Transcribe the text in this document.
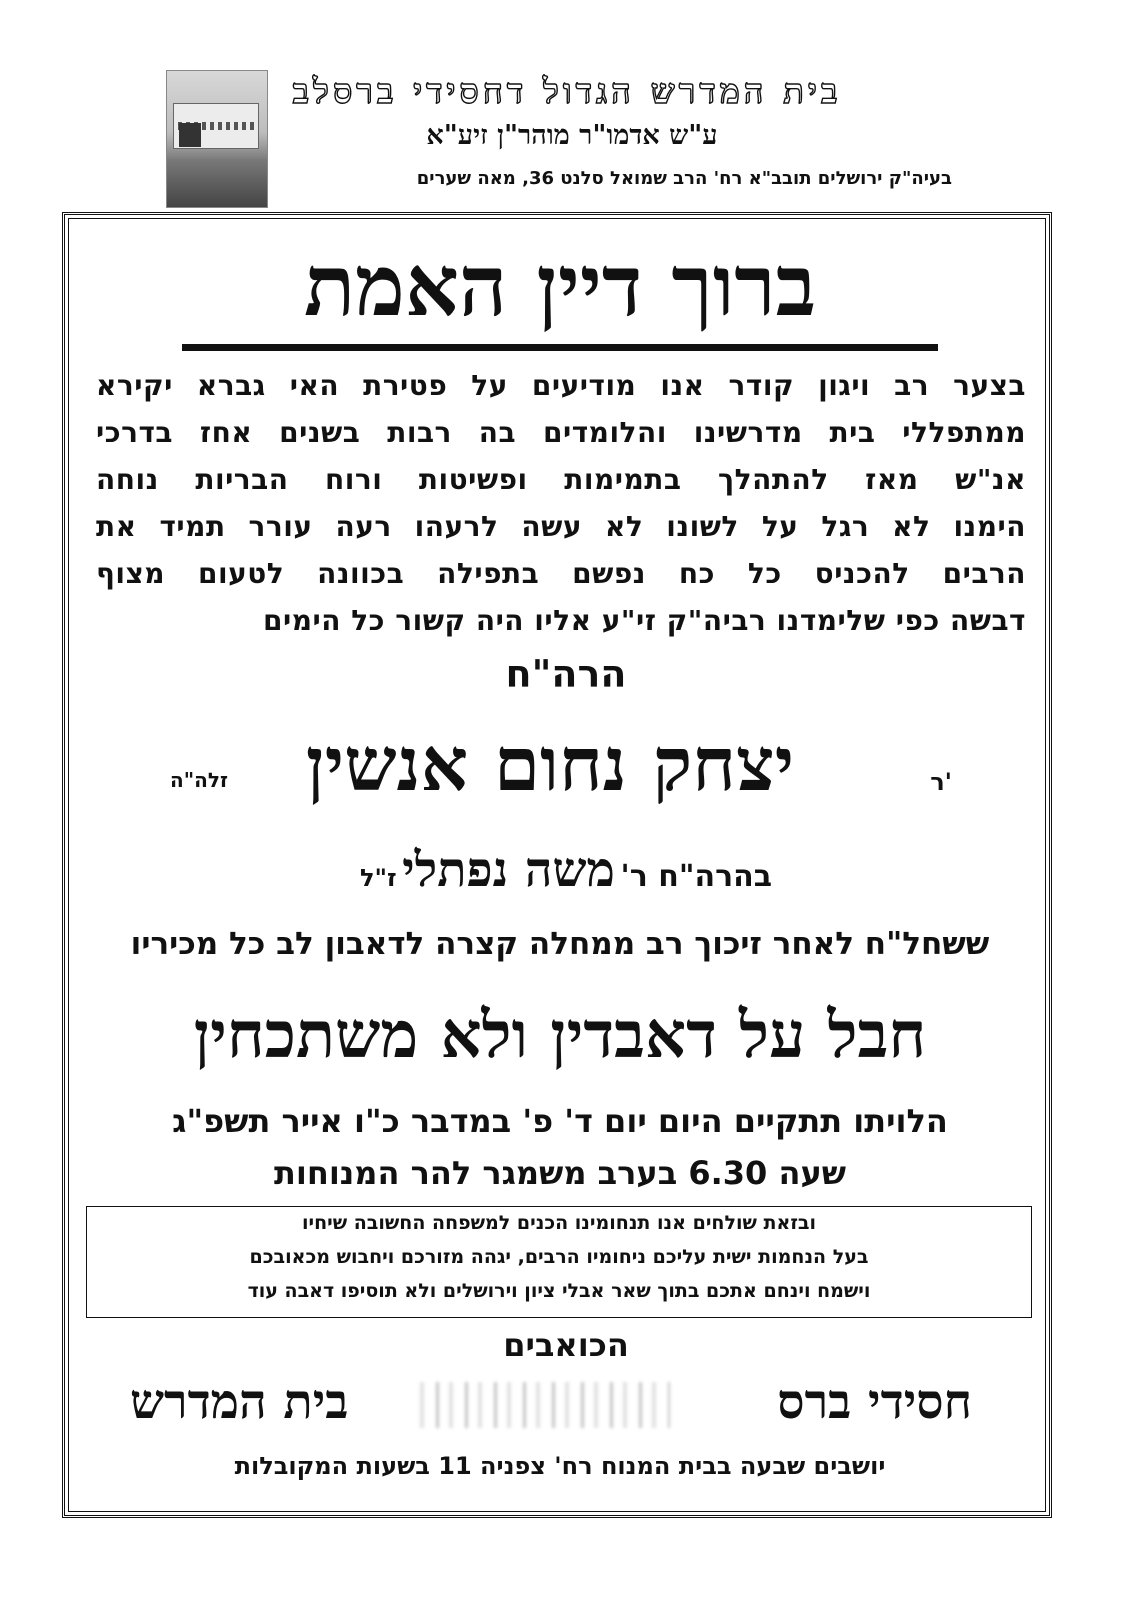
בית המדרש הגדול דחסידי ברסלב
ע"ש אדמו"ר מוהר"ן זיע"א
בעיה"ק ירושלים תובב"א רח' הרב שמואל סלנט 36, מאה שערים
ברוך דיין האמת
בצער רב ויגון קודר אנו מודיעים על פטירת האי גברא יקירא
ממתפללי בית מדרשינו והלומדים בה רבות בשנים אחז בדרכי
אנ"ש מאז להתהלך בתמימות ופשיטות ורוח הבריות נוחה
הימנו לא רגל על לשונו לא עשה לרעהו רעה עורר תמיד את
הרבים להכניס כל כח נפשם בתפילה בכוונה לטעום מצוף
דבשה כפי שלימדנו רביה"ק זי"ע אליו היה קשור כל הימים
הרה"ח
ר'
יצחק נחום אנשין
זלה"ה
בהרה"ח ר' משה נפתלי ז"ל
ששחל"ח לאחר זיכוך רב ממחלה קצרה לדאבון לב כל מכיריו
חבל על דאבדין ולא משתכחין
הלויתו תתקיים היום יום ד' פ' במדבר כ"ו אייר תשפ"ג
שעה 6.30 בערב משמגר להר המנוחות
ובזאת שולחים אנו תנחומינו הכנים למשפחה החשובה שיחיו
בעל הנחמות ישית עליכם ניחומיו הרבים, יגהה מזורכם ויחבוש מכאובכם
וישמח וינחם אתכם בתוך שאר אבלי ציון וירושלים ולא תוסיפו דאבה עוד
הכואבים
חסידי ברס
בית המדרש
יושבים שבעה בבית המנוח רח' צפניה 11 בשעות המקובלות
